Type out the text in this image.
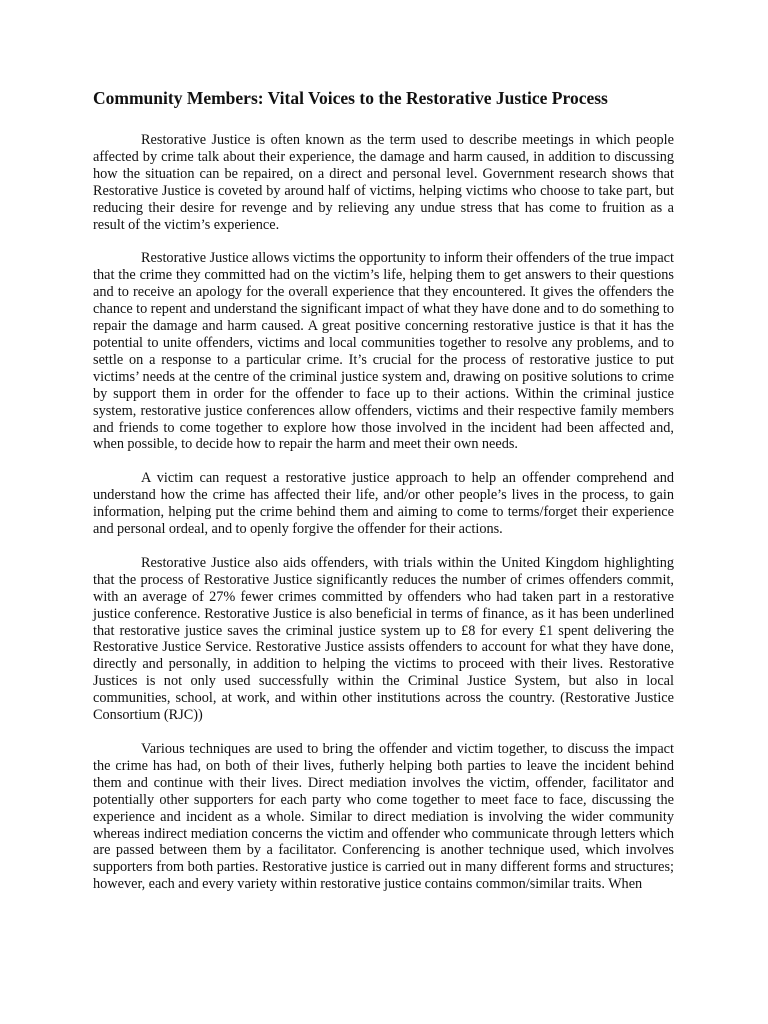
Community Members: Vital Voices to the Restorative Justice Process

Restorative Justice is often known as the term used to describe meetings in which people affected by crime talk about their experience, the damage and harm caused, in addition to discussing how the situation can be repaired, on a direct and personal level. Government research shows that Restorative Justice is coveted by around half of victims, helping victims who choose to take part, but reducing their desire for revenge and by relieving any undue stress that has come to fruition as a result of the victim’s experience.

Restorative Justice allows victims the opportunity to inform their offenders of the true impact that the crime they committed had on the victim’s life, helping them to get answers to their questions and to receive an apology for the overall experience that they encountered. It gives the offenders the chance to repent and understand the significant impact of what they have done and to do something to repair the damage and harm caused. A great positive concerning restorative justice is that it has the potential to unite offenders, victims and local communities together to resolve any problems, and to settle on a response to a particular crime. It’s crucial for the process of restorative justice to put victims’ needs at the centre of the criminal justice system and, drawing on positive solutions to crime by support them in order for the offender to face up to their actions. Within the criminal justice system, restorative justice conferences allow offenders, victims and their respective family members and friends to come together to explore how those involved in the incident had been affected and, when possible, to decide how to repair the harm and meet their own needs.

A victim can request a restorative justice approach to help an offender comprehend and understand how the crime has affected their life, and/or other people’s lives in the process, to gain information, helping put the crime behind them and aiming to come to terms/forget their experience and personal ordeal, and to openly forgive the offender for their actions.

Restorative Justice also aids offenders, with trials within the United Kingdom highlighting that the process of Restorative Justice significantly reduces the number of crimes offenders commit, with an average of 27% fewer crimes committed by offenders who had taken part in a restorative justice conference. Restorative Justice is also beneficial in terms of finance, as it has been underlined that restorative justice saves the criminal justice system up to £8 for every £1 spent delivering the Restorative Justice Service. Restorative Justice assists offenders to account for what they have done, directly and personally, in addition to helping the victims to proceed with their lives. Restorative Justices is not only used successfully within the Criminal Justice System, but also in local communities, school, at work, and within other institutions across the country. (Restorative Justice Consortium (RJC))

Various techniques are used to bring the offender and victim together, to discuss the impact the crime has had, on both of their lives, futherly helping both parties to leave the incident behind them and continue with their lives. Direct mediation involves the victim, offender, facilitator and potentially other supporters for each party who come together to meet face to face, discussing the experience and incident as a whole. Similar to direct mediation is involving the wider community whereas indirect mediation concerns the victim and offender who communicate through letters which are passed between them by a facilitator. Conferencing is another technique used, which involves supporters from both parties. Restorative justice is carried out in many different forms and structures; however, each and every variety within restorative justice contains common/similar traits. When
